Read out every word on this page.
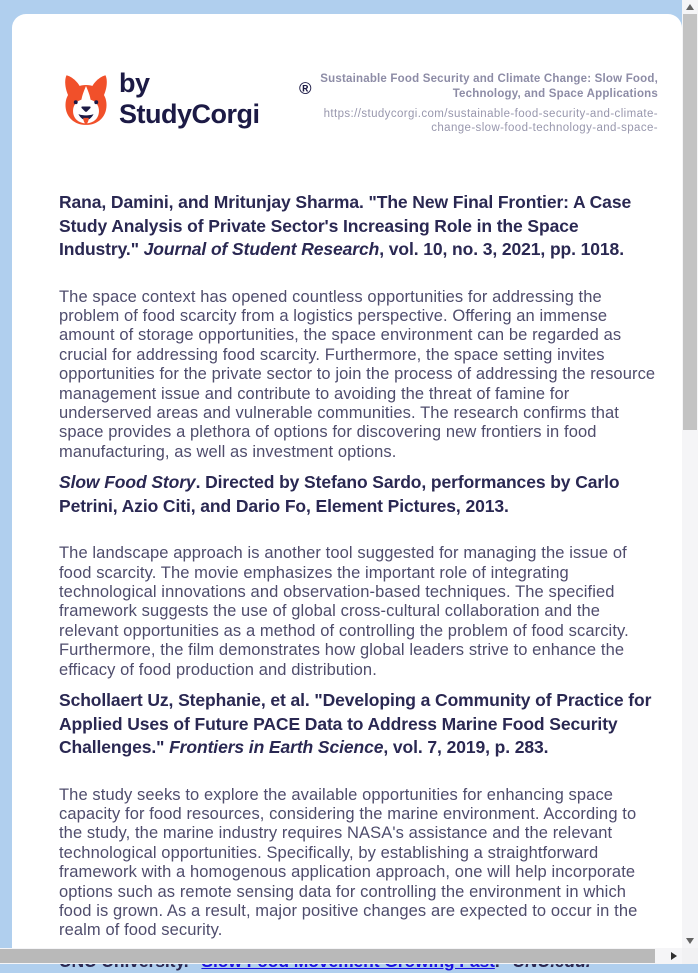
by StudyCorgi
® Sustainable Food Security and Climate Change: Slow Food, Technology, and Space Applications
https://studycorgi.com/sustainable-food-security-and-climate-change-slow-food-technology-and-space-

Rana, Damini, and Mritunjay Sharma. "The New Final Frontier: A Case Study Analysis of Private Sector's Increasing Role in the Space Industry." Journal of Student Research, vol. 10, no. 3, 2021, pp. 1018.

The space context has opened countless opportunities for addressing the problem of food scarcity from a logistics perspective. Offering an immense amount of storage opportunities, the space environment can be regarded as crucial for addressing food scarcity. Furthermore, the space setting invites opportunities for the private sector to join the process of addressing the resource management issue and contribute to avoiding the threat of famine for underserved areas and vulnerable communities. The research confirms that space provides a plethora of options for discovering new frontiers in food manufacturing, as well as investment options.

Slow Food Story. Directed by Stefano Sardo, performances by Carlo Petrini, Azio Citi, and Dario Fo, Element Pictures, 2013.

The landscape approach is another tool suggested for managing the issue of food scarcity. The movie emphasizes the important role of integrating technological innovations and observation-based techniques. The specified framework suggests the use of global cross-cultural collaboration and the relevant opportunities as a method of controlling the problem of food scarcity. Furthermore, the film demonstrates how global leaders strive to enhance the efficacy of food production and distribution.

Schollaert Uz, Stephanie, et al. "Developing a Community of Practice for Applied Uses of Future PACE Data to Address Marine Food Security Challenges." Frontiers in Earth Science, vol. 7, 2019, p. 283.

The study seeks to explore the available opportunities for enhancing space capacity for food resources, considering the marine environment. According to the study, the marine industry requires NASA's assistance and the relevant technological opportunities. Specifically, by establishing a straightforward framework with a homogenous application approach, one will help incorporate options such as remote sensing data for controlling the environment in which food is grown. As a result, major positive changes are expected to occur in the realm of food security.
